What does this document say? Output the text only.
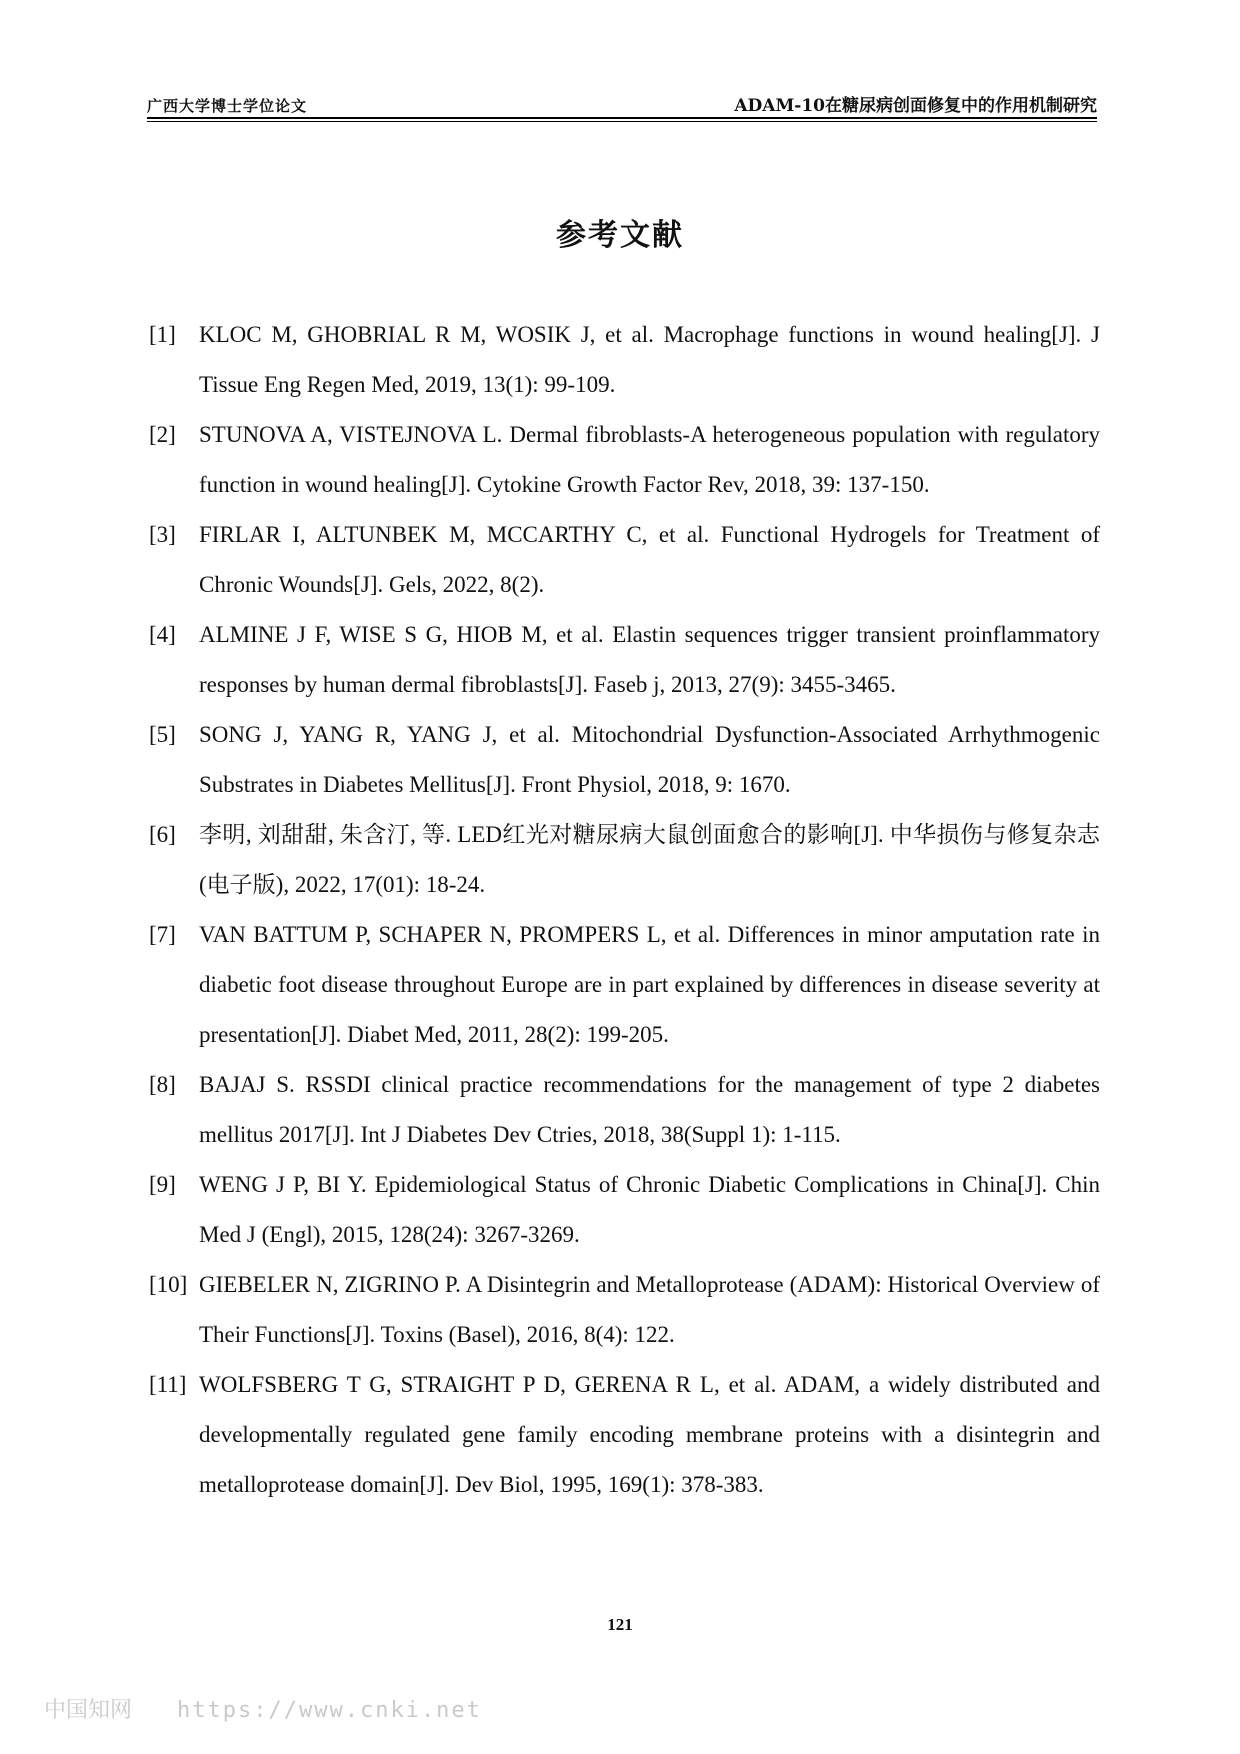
广西大学博士学位论文	ADAM-10在糖尿病创面修复中的作用机制研究
参考文献
[1] KLOC M, GHOBRIAL R M, WOSIK J, et al. Macrophage functions in wound healing[J]. J Tissue Eng Regen Med, 2019, 13(1): 99-109.
[2] STUNOVA A, VISTEJNOVA L. Dermal fibroblasts-A heterogeneous population with regulatory function in wound healing[J]. Cytokine Growth Factor Rev, 2018, 39: 137-150.
[3] FIRLAR I, ALTUNBEK M, MCCARTHY C, et al. Functional Hydrogels for Treatment of Chronic Wounds[J]. Gels, 2022, 8(2).
[4] ALMINE J F, WISE S G, HIOB M, et al. Elastin sequences trigger transient proinflammatory responses by human dermal fibroblasts[J]. Faseb j, 2013, 27(9): 3455-3465.
[5] SONG J, YANG R, YANG J, et al. Mitochondrial Dysfunction-Associated Arrhythmogenic Substrates in Diabetes Mellitus[J]. Front Physiol, 2018, 9: 1670.
[6] 李明, 刘甜甜, 朱含汀, 等. LED红光对糖尿病大鼠创面愈合的影响[J]. 中华损伤与修复杂志(电子版), 2022, 17(01): 18-24.
[7] VAN BATTUM P, SCHAPER N, PROMPERS L, et al. Differences in minor amputation rate in diabetic foot disease throughout Europe are in part explained by differences in disease severity at presentation[J]. Diabet Med, 2011, 28(2): 199-205.
[8] BAJAJ S. RSSDI clinical practice recommendations for the management of type 2 diabetes mellitus 2017[J]. Int J Diabetes Dev Ctries, 2018, 38(Suppl 1): 1-115.
[9] WENG J P, BI Y. Epidemiological Status of Chronic Diabetic Complications in China[J]. Chin Med J (Engl), 2015, 128(24): 3267-3269.
[10] GIEBELER N, ZIGRINO P. A Disintegrin and Metalloprotease (ADAM): Historical Overview of Their Functions[J]. Toxins (Basel), 2016, 8(4): 122.
[11] WOLFSBERG T G, STRAIGHT P D, GERENA R L, et al. ADAM, a widely distributed and developmentally regulated gene family encoding membrane proteins with a disintegrin and metalloprotease domain[J]. Dev Biol, 1995, 169(1): 378-383.
121
中国知网 https://www.cnki.net
